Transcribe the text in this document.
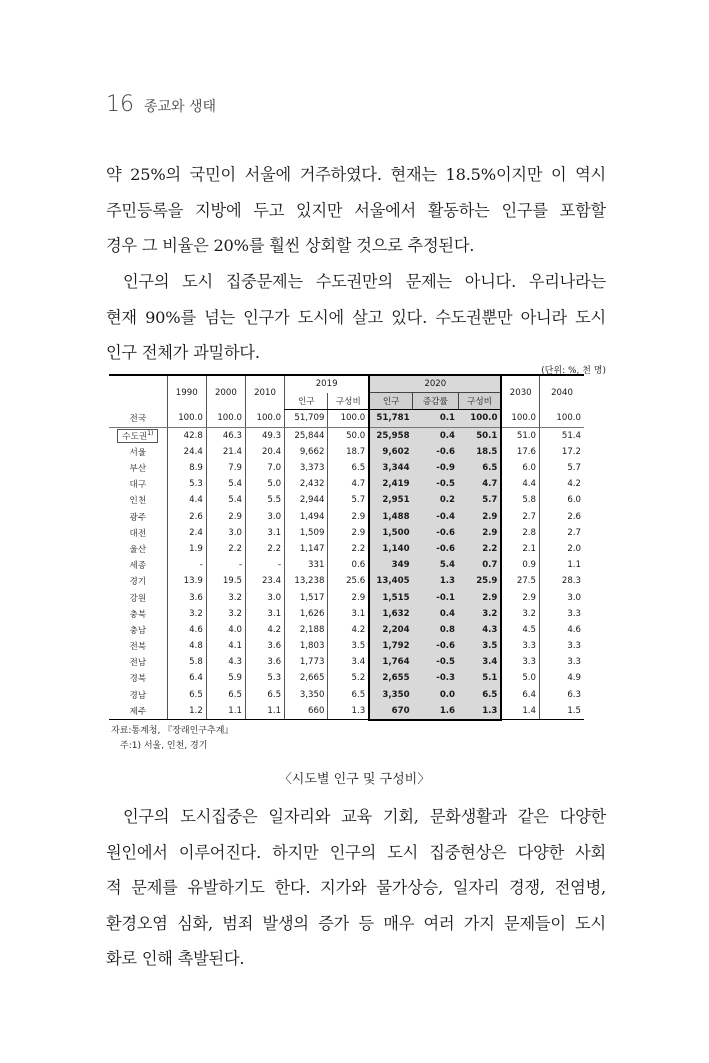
16 종교와 생태
약 25%의 국민이 서울에 거주하였다. 현재는 18.5%이지만 이 역시
주민등록을 지방에 두고 있지만 서울에서 활동하는 인구를 포함할
경우 그 비율은 20%를 훨씬 상회할 것으로 추정된다.
인구의 도시 집중문제는 수도권만의 문제는 아니다. 우리나라는
현재 90%를 넘는 인구가 도시에 살고 있다. 수도권뿐만 아니라 도시
인구 전체가 과밀하다.
(단위: %, 천 명)
	1990	2000	2010	2019		2020			2030	2040
				인구	구성비	인구	증감률	구성비		
전국	100.0	100.0	100.0	51,709	100.0	51,781	0.1	100.0	100.0	100.0
수도권$^{1)}$	42.8	46.3	49.3	25,844	50.0	25,958	0.4	50.1	51.0	51.4
서울	24.4	21.4	20.4	9,662	18.7	9,602	-0.6	18.5	17.6	17.2
부산	8.9	7.9	7.0	3,373	6.5	3,344	-0.9	6.5	6.0	5.7
대구	5.3	5.4	5.0	2,432	4.7	2,419	-0.5	4.7	4.4	4.2
인천	4.4	5.4	5.5	2,944	5.7	2,951	0.2	5.7	5.8	6.0
광주	2.6	2.9	3.0	1,494	2.9	1,488	-0.4	2.9	2.7	2.6
대전	2.4	3.0	3.1	1,509	2.9	1,500	-0.6	2.9	2.8	2.7
울산	1.9	2.2	2.2	1,147	2.2	1,140	-0.6	2.2	2.1	2.0
세종	-	-	-	331	0.6	349	5.4	0.7	0.9	1.1
경기	13.9	19.5	23.4	13,238	25.6	13,405	1.3	25.9	27.5	28.3
강원	3.6	3.2	3.0	1,517	2.9	1,515	-0.1	2.9	2.9	3.0
충북	3.2	3.2	3.1	1,626	3.1	1,632	0.4	3.2	3.2	3.3
충남	4.6	4.0	4.2	2,188	4.2	2,204	0.8	4.3	4.5	4.6
전북	4.8	4.1	3.6	1,803	3.5	1,792	-0.6	3.5	3.3	3.3
전남	5.8	4.3	3.6	1,773	3.4	1,764	-0.5	3.4	3.3	3.3
경북	6.4	5.9	5.3	2,665	5.2	2,655	-0.3	5.1	5.0	4.9
경남	6.5	6.5	6.5	3,350	6.5	3,350	0.0	6.5	6.4	6.3
제주	1.2	1.1	1.1	660	1.3	670	1.6	1.3	1.4	1.5
자료:통계청, 『장래인구추계』
주:1) 서울, 인천, 경기
〈시도별 인구 및 구성비〉
인구의 도시집중은 일자리와 교육 기회, 문화생활과 같은 다양한
원인에서 이루어진다. 하지만 인구의 도시 집중현상은 다양한 사회
적 문제를 유발하기도 한다. 지가와 물가상승, 일자리 경쟁, 전염병,
환경오염 심화, 범죄 발생의 증가 등 매우 여러 가지 문제들이 도시
화로 인해 촉발된다.
